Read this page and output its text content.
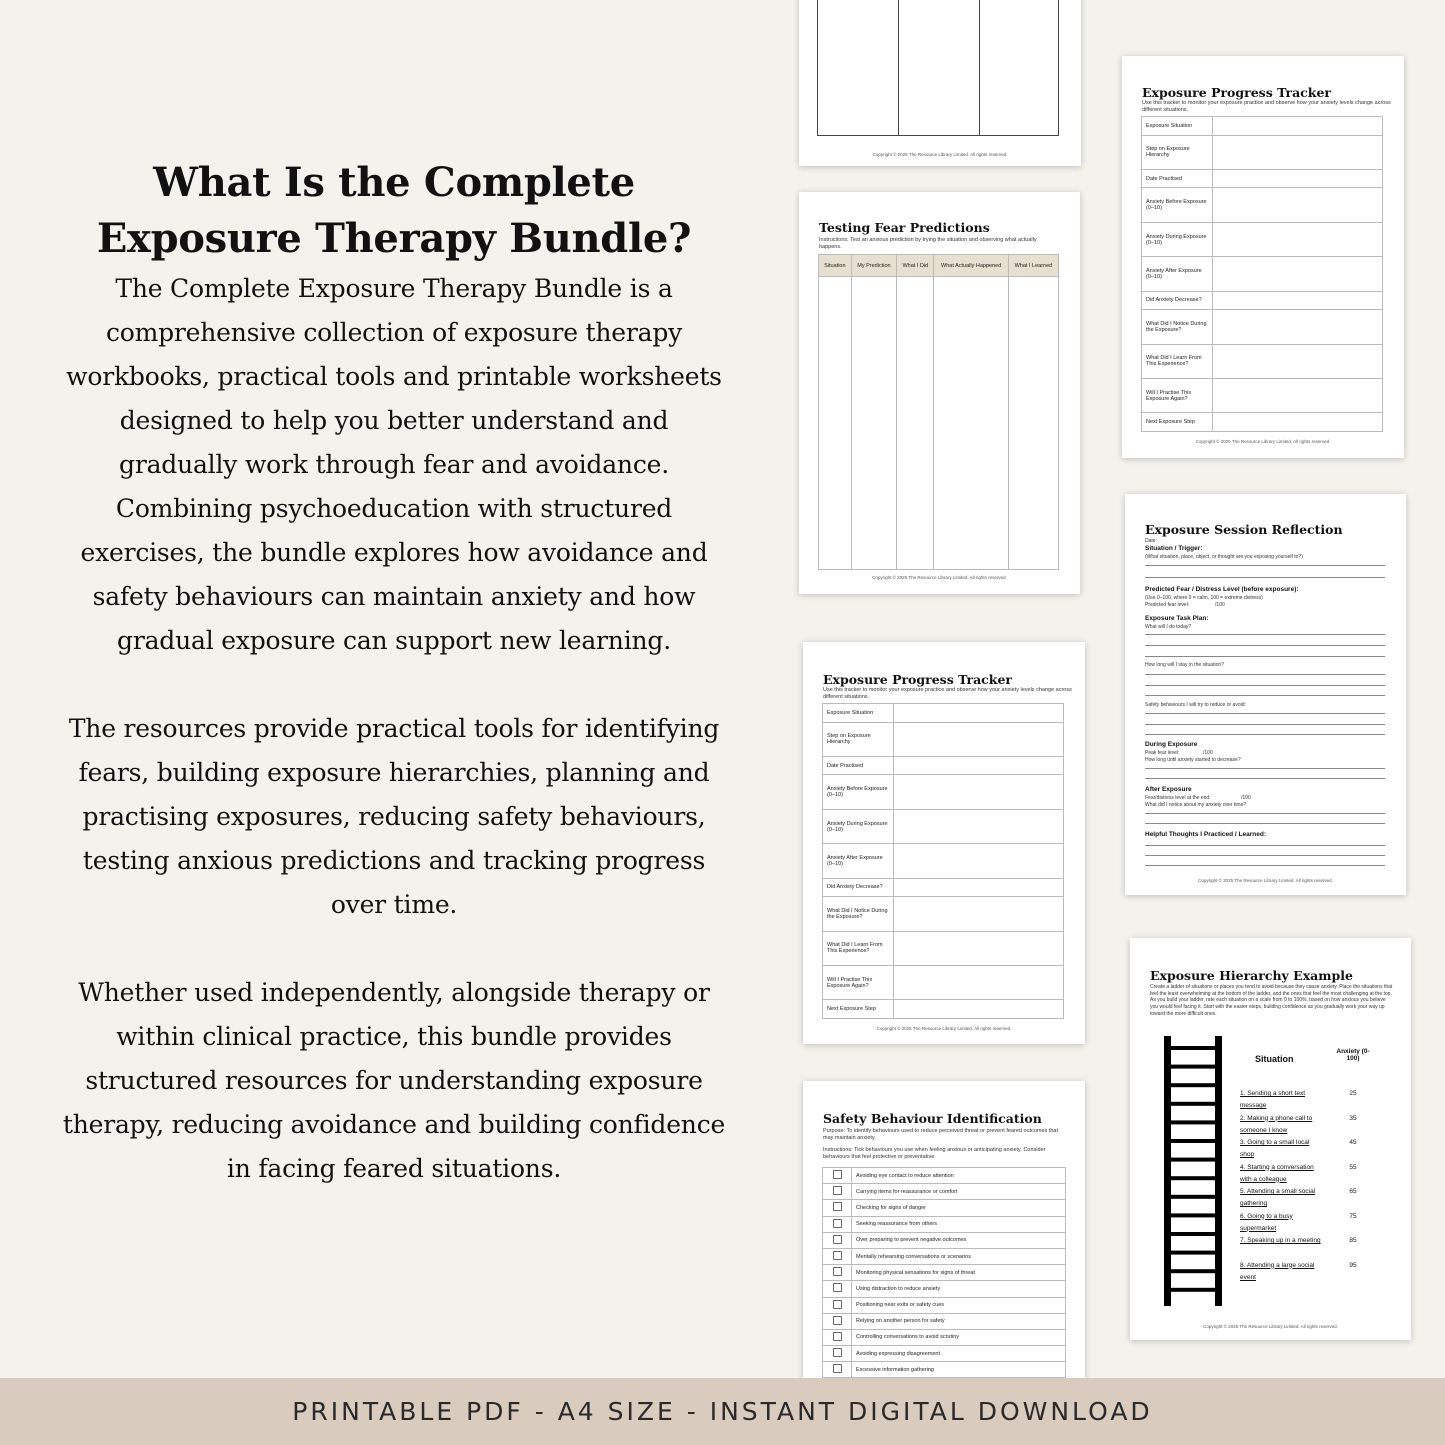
What Is the Complete Exposure Therapy Bundle?

The Complete Exposure Therapy Bundle is a comprehensive collection of exposure therapy workbooks, practical tools and printable worksheets designed to help you better understand and gradually work through fear and avoidance. Combining psychoeducation with structured exercises, the bundle explores how avoidance and safety behaviours can maintain anxiety and how gradual exposure can support new learning.

The resources provide practical tools for identifying fears, building exposure hierarchies, planning and practising exposures, reducing safety behaviours, testing anxious predictions and tracking progress over time.

Whether used independently, alongside therapy or within clinical practice, this bundle provides structured resources for understanding exposure therapy, reducing avoidance and building confidence in facing feared situations.

Copyright © 2025 The Resource Library Limited. All rights reserved.
Testing Fear Predictions
Instructions: Test an anxious prediction by trying the situation and observing what actually happens.
Situation	My Prediction	What I Did	What Actually Happened	What I Learned

Copyright © 2025 The Resource Library Limited. All rights reserved.
Exposure Progress Tracker
Use this tracker to monitor your exposure practice and observe how your anxiety levels change across different situations.
Exposure Situation	
Step on Exposure Hierarchy	
Date Practised	
Anxiety Before Exposure (0–10)	
Anxiety During Exposure (0–10)	
Anxiety After Exposure (0–10)	
Did Anxiety Decrease?	
What Did I Notice During the Exposure?	
What Did I Learn From This Experience?	
Will I Practise This Exposure Again?	
Next Exposure Step	
Copyright © 2025 The Resource Library Limited. All rights reserved.
Exposure Progress Tracker
Use this tracker to monitor your exposure practice and observe how your anxiety levels change across different situations.
Exposure Situation	
Step on Exposure Hierarchy	
Date Practised	
Anxiety Before Exposure (0–10)	
Anxiety During Exposure (0–10)	
Anxiety After Exposure (0–10)	
Did Anxiety Decrease?	
What Did I Notice During the Exposure?	
What Did I Learn From This Experience?	
Will I Practise This Exposure Again?	
Next Exposure Step	
Copyright © 2025 The Resource Library Limited. All rights reserved.
Exposure Session Reflection
Date:
Situation / Trigger:
(What situation, place, object, or thought are you exposing yourself to?)
Predicted Fear / Distress Level (before exposure):
(Use 0–100, where 0 = calm, 100 = extreme distress)
Predicted fear level:	/100
Exposure Task Plan:
What will I do today?
How long will I stay in the situation?
Safety behaviours I will try to reduce or avoid:
During Exposure
Peak fear level:	/100
How long until anxiety started to decrease?
After Exposure
Fear/distress level at the end:	/100
What did I notice about my anxiety over time?
Helpful Thoughts I Practiced / Learned:
Copyright © 2025 The Resource Library Limited. All rights reserved.
Exposure Hierarchy Example
Create a ladder of situations or places you tend to avoid because they cause anxiety. Place the situations that feel the least overwhelming at the bottom of the ladder, and the ones that feel the most challenging at the top. As you build your ladder, rate each situation on a scale from 0 to 100%, based on how anxious you believe you would feel facing it. Start with the easier steps, building confidence as you gradually work your way up toward the more difficult ones.
Situation
Anxiety (0-100)
1. Sending a short text message
25
2. Making a phone call to someone I know
35
3. Going to a small local shop
45
4. Starting a conversation with a colleague
55
5. Attending a small social gathering
65
6. Going to a busy supermarket
75
7. Speaking up in a meeting	85
8. Attending a large social event
95
Copyright © 2025 The Resource Library Limited. All rights reserved.
Safety Behaviour Identification
Purpose: To identify behaviours used to reduce perceived threat or prevent feared outcomes that may maintain anxiety.
Instructions: Tick behaviours you use when feeling anxious or anticipating anxiety. Consider behaviours that feel protective or preventative.
	Avoiding eye contact to reduce attention
	Carrying items for reassurance or comfort
	Checking for signs of danger
	Seeking reassurance from others
	Over preparing to prevent negative outcomes
	Mentally rehearsing conversations or scenarios
	Monitoring physical sensations for signs of threat
	Using distraction to reduce anxiety
	Positioning near exits or safety cues
	Relying on another person for safety
	Controlling conversations to avoid scrutiny
	Avoiding expressing disagreement
	Excessive information gathering
PRINTABLE PDF - A4 SIZE - INSTANT DIGITAL DOWNLOAD
